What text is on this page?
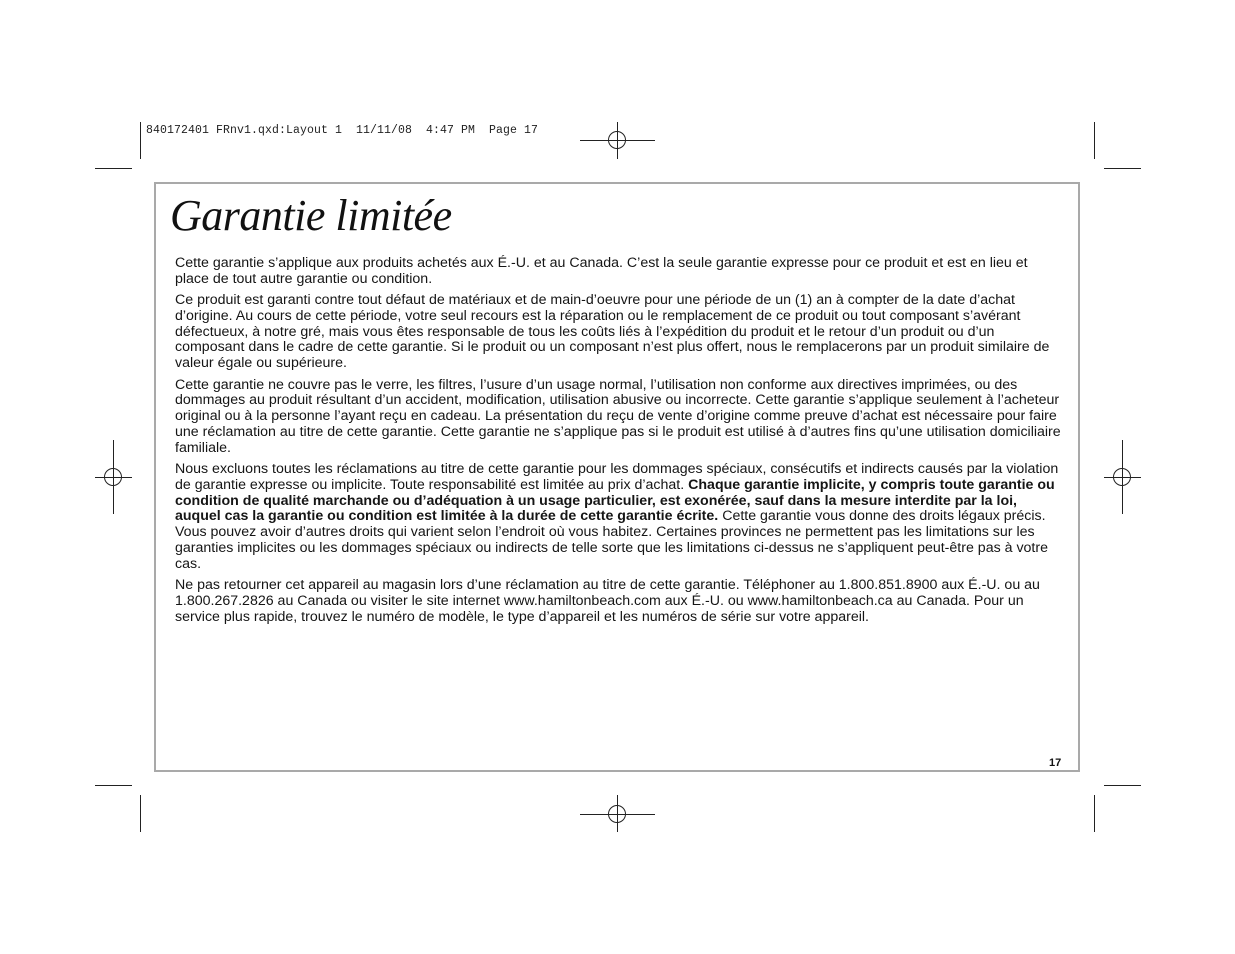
840172401 FRnv1.qxd:Layout 1  11/11/08  4:47 PM  Page 17
Garantie limitée

Cette garantie s’applique aux produits achetés aux É.-U. et au Canada. C’est la seule garantie expresse pour ce produit et est en lieu et place de tout autre garantie ou condition.

Ce produit est garanti contre tout défaut de matériaux et de main-d’oeuvre pour une période de un (1) an à compter de la date d’achat d’origine. Au cours de cette période, votre seul recours est la réparation ou le remplacement de ce produit ou tout composant s’avérant défectueux, à notre gré, mais vous êtes responsable de tous les coûts liés à l’expédition du produit et le retour d’un produit ou d’un composant dans le cadre de cette garantie. Si le produit ou un composant n’est plus offert, nous le remplacerons par un produit similaire de valeur égale ou supérieure.

Cette garantie ne couvre pas le verre, les filtres, l’usure d’un usage normal, l’utilisation non conforme aux directives imprimées, ou des dommages au produit résultant d’un accident, modification, utilisation abusive ou incorrecte. Cette garantie s’applique seulement à l’acheteur original ou à la personne l’ayant reçu en cadeau. La présentation du reçu de vente d’origine comme preuve d’achat est nécessaire pour faire une réclamation au titre de cette garantie. Cette garantie ne s’applique pas si le produit est utilisé à d’autres fins qu’une utilisation domiciliaire familiale.

Nous excluons toutes les réclamations au titre de cette garantie pour les dommages spéciaux, consécutifs et indirects causés par la violation de garantie expresse ou implicite. Toute responsabilité est limitée au prix d’achat. Chaque garantie implicite, y compris toute garantie ou condition de qualité marchande ou d’adéquation à un usage particulier, est exonérée, sauf dans la mesure interdite par la loi, auquel cas la garantie ou condition est limitée à la durée de cette garantie écrite. Cette garantie vous donne des droits légaux précis. Vous pouvez avoir d’autres droits qui varient selon l’endroit où vous habitez. Certaines provinces ne permettent pas les limitations sur les garanties implicites ou les dommages spéciaux ou indirects de telle sorte que les limitations ci-dessus ne s’appliquent peut-être pas à votre cas.

Ne pas retourner cet appareil au magasin lors d’une réclamation au titre de cette garantie. Téléphoner au 1.800.851.8900 aux É.-U. ou au 1.800.267.2826 au Canada ou visiter le site internet www.hamiltonbeach.com aux É.-U. ou www.hamiltonbeach.ca au Canada. Pour un service plus rapide, trouvez le numéro de modèle, le type d’appareil et les numéros de série sur votre appareil.

17
